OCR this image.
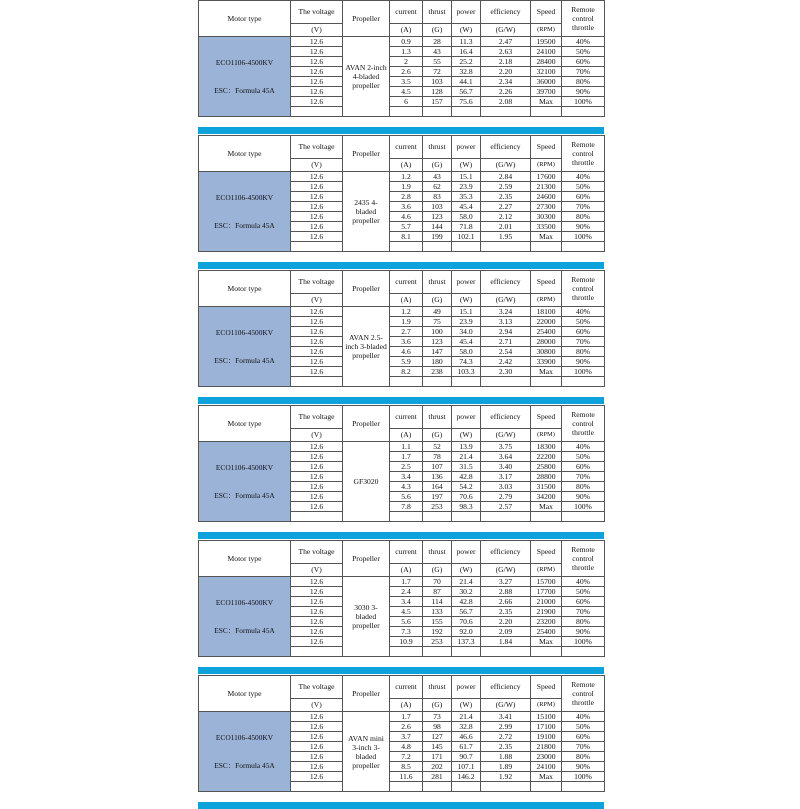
Motor type	The voltage	Propeller	current	thrust	power	efficiency	Speed	Remote control throttle
	(V)		(A)	(G)	(W)	(G/W)	(RPM)	
ECO1106-4500KV

ESC：Formula 45A	12.6	AVAN 2-inch 4-bladed propeller	0.9	28	11.3	2.47	19500	40%
	12.6		1.3	43	16.4	2.63	24100	50%
	12.6		2	55	25.2	2.18	28400	60%
	12.6		2.6	72	32.8	2.20	32100	70%
	12.6		3.5	103	44.1	2.34	36000	80%
	12.6		4.5	128	56.7	2.26	39700	90%
	12.6		6	157	75.6	2.08	Max	100%

Motor type	The voltage	Propeller	current	thrust	power	efficiency	Speed	Remote control throttle
	(V)		(A)	(G)	(W)	(G/W)	(RPM)	
ECO1106-4500KV

ESC：Formula 45A	12.6	2435 4-bladed propeller	1.2	43	15.1	2.84	17600	40%
	12.6		1.9	62	23.9	2.59	21300	50%
	12.6		2.8	83	35.3	2.35	24600	60%
	12.6		3.6	103	45.4	2.27	27300	70%
	12.6		4.6	123	58.0	2.12	30300	80%
	12.6		5.7	144	71.8	2.01	33500	90%
	12.6		8.1	199	102.1	1.95	Max	100%

Motor type	The voltage	Propeller	current	thrust	power	efficiency	Speed	Remote control throttle
	(V)		(A)	(G)	(W)	(G/W)	(RPM)	
ECO1106-4500KV

ESC：Formula 45A	12.6	AVAN 2.5-inch 3-bladed propeller	1.2	49	15.1	3.24	18100	40%
	12.6		1.9	75	23.9	3.13	22000	50%
	12.6		2.7	100	34.0	2.94	25400	60%
	12.6		3.6	123	45.4	2.71	28000	70%
	12.6		4.6	147	58.0	2.54	30800	80%
	12.6		5.9	180	74.3	2.42	33900	90%
	12.6		8.2	238	103.3	2.30	Max	100%

Motor type	The voltage	Propeller	current	thrust	power	efficiency	Speed	Remote control throttle
	(V)		(A)	(G)	(W)	(G/W)	(RPM)	
ECO1106-4500KV

ESC：Formula 45A	12.6	GF3020	1.1	52	13.9	3.75	18300	40%
	12.6		1.7	78	21.4	3.64	22200	50%
	12.6		2.5	107	31.5	3.40	25800	60%
	12.6		3.4	136	42.8	3.17	28800	70%
	12.6		4.3	164	54.2	3.03	31500	80%
	12.6		5.6	197	70.6	2.79	34200	90%
	12.6		7.8	253	98.3	2.57	Max	100%

Motor type	The voltage	Propeller	current	thrust	power	efficiency	Speed	Remote control throttle
	(V)		(A)	(G)	(W)	(G/W)	(RPM)	
ECO1106-4500KV

ESC：Formula 45A	12.6	3030 3-bladed propeller	1.7	70	21.4	3.27	15700	40%
	12.6		2.4	87	30.2	2.88	17700	50%
	12.6		3.4	114	42.8	2.66	21000	60%
	12.6		4.5	133	56.7	2.35	21900	70%
	12.6		5.6	155	70.6	2.20	23200	80%
	12.6		7.3	192	92.0	2.09	25400	90%
	12.6		10.9	253	137.3	1.84	Max	100%

Motor type	The voltage	Propeller	current	thrust	power	efficiency	Speed	Remote control throttle
	(V)		(A)	(G)	(W)	(G/W)	(RPM)	
ECO1106-4500KV

ESC：Formula 45A	12.6	AVAN mini 3-inch 3-bladed propeller	1.7	73	21.4	3.41	15100	40%
	12.6		2.6	98	32.8	2.99	17100	50%
	12.6		3.7	127	46.6	2.72	19100	60%
	12.6		4.8	145	61.7	2.35	21800	70%
	12.6		7.2	171	90.7	1.88	23000	80%
	12.6		8.5	202	107.1	1.89	24100	90%
	12.6		11.6	281	146.2	1.92	Max	100%
